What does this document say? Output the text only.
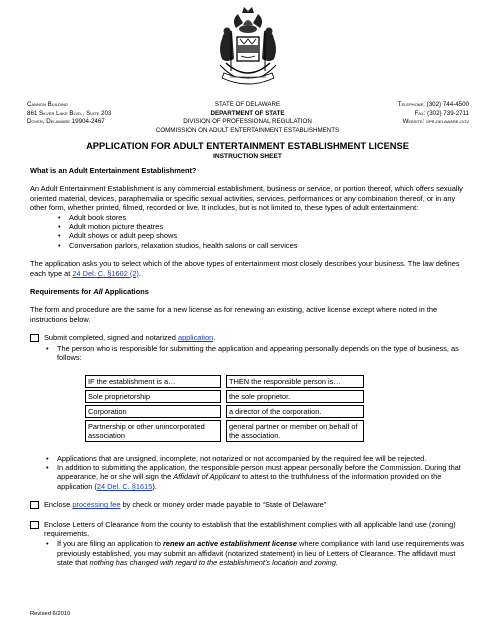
Cannon Building
861 Silver Lake Blvd., Suite 203
Dover, Delaware 19904-2467
STATE OF DELAWARE
DEPARTMENT OF STATE
DIVISION OF PROFESSIONAL REGULATION
COMMISSION ON ADULT ENTERTAINMENT ESTABLISHMENTS
Telephone: (302) 744-4500
Fax: (302) 739-2711
Website: dpr.delaware.gov
APPLICATION FOR ADULT ENTERTAINMENT ESTABLISHMENT LICENSE
INSTRUCTION SHEET

What is an Adult Entertainment Establishment?

An Adult Entertainment Establishment is any commercial establishment, business or service, or portion thereof, which offers sexually oriented material, devices, paraphernalia or specific sexual activities, services, performances or any combination thereof, or in any other form, whether printed, filmed, recorded or live. It includes, but is not limited to, these types of adult entertainment:

• Adult book stores
• Adult motion picture theatres
• Adult shows or adult peep shows
• Conversation parlors, relaxation studios, health salons or call services

The application asks you to select which of the above types of entertainment most closely describes your business. The law defines each type at 24 Del. C. §1602 (2).

Requirements for All Applications

The form and procedure are the same for a new license as for renewing an existing, active license except where noted in the instructions below.

Submit completed, signed and notarized application.
• The person who is responsible for submitting the application and appearing personally depends on the type of business, as follows:
IF the establishment is a…	THEN the responsible person is…
Sole proprietorship	the sole proprietor.
Corporation	a director of the corporation.
Partnership or other unincorporated association	general partner or member on behalf of the association.
• Applications that are unsigned, incomplete, not notarized or not accompanied by the required fee will be rejected.
• In addition to submitting the application, the responsible person must appear personally before the Commission. During that appearance, he or she will sign the Affidavit of Applicant to attest to the truthfulness of the information provided on the application (24 Del. C. §1615).
Enclose processing fee by check or money order made payable to “State of Delaware”
Enclose Letters of Clearance from the county to establish that the establishment complies with all applicable land use (zoning) requirements.
• If you are filing an application to renew an active establishment license where compliance with land use requirements was previously established, you may submit an affidavit (notarized statement) in lieu of Letters of Clearance. The affidavit must state that nothing has changed with regard to the establishment’s location and zoning.
Revised 6/2010
